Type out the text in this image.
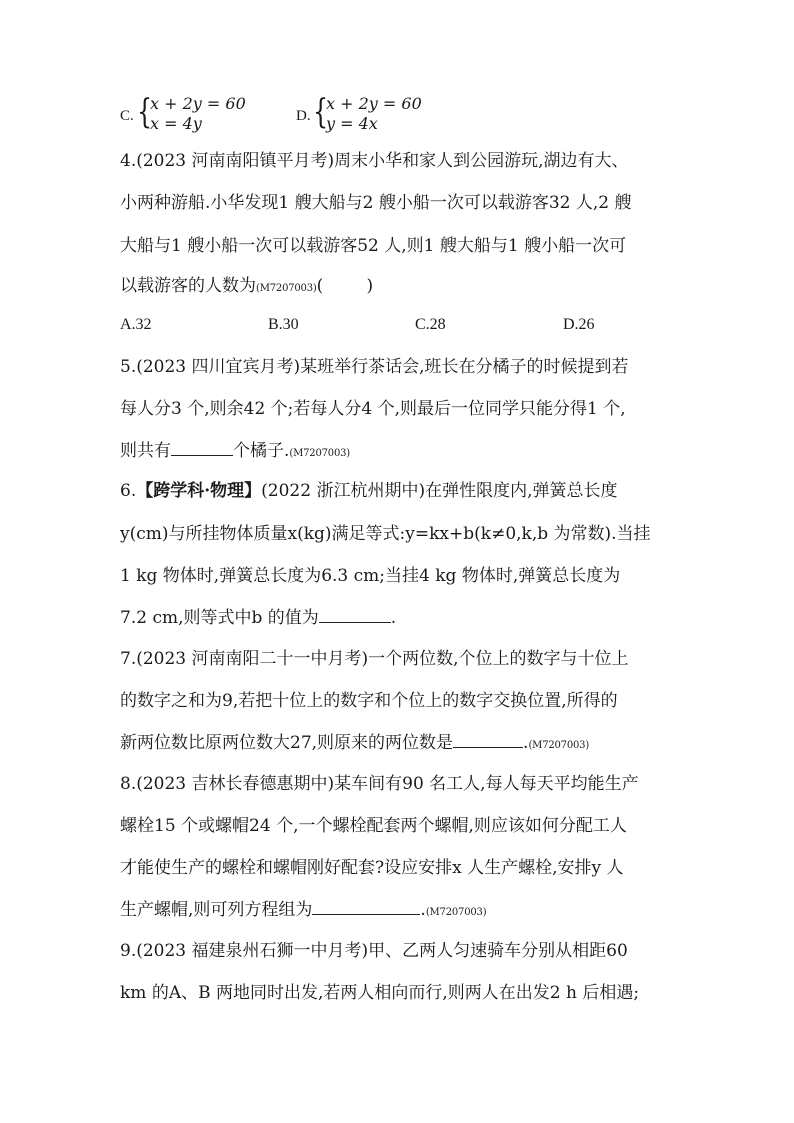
C. {
x + 2y = 60
x = 4y	D. {
x + 2y = 60
y = 4x
4.(2023 河南南阳镇平月考)周末小华和家人到公园游玩,湖边有大、
小两种游船.小华发现1 艘大船与2 艘小船一次可以载游客32 人,2 艘
大船与1 艘小船一次可以载游客52 人,则1 艘大船与1 艘小船一次可
以载游客的人数为(M7207003)(        )
A.32	B.30	C.28	D.26
5.(2023 四川宜宾月考)某班举行茶话会,班长在分橘子的时候提到若
每人分3 个,则余42 个;若每人分4 个,则最后一位同学只能分得1 个,
则共有	个橘子.(M7207003)
6.【跨学科·物理】(2022 浙江杭州期中)在弹性限度内,弹簧总长度
y(cm)与所挂物体质量x(kg)满足等式:y=kx+b(k≠0,k,b 为常数).当挂
1 kg 物体时,弹簧总长度为6.3 cm;当挂4 kg 物体时,弹簧总长度为
7.2 cm,则等式中b 的值为	.
7.(2023 河南南阳二十一中月考)一个两位数,个位上的数字与十位上
的数字之和为9,若把十位上的数字和个位上的数字交换位置,所得的
新两位数比原两位数大27,则原来的两位数是	.(M7207003)
8.(2023 吉林长春德惠期中)某车间有90 名工人,每人每天平均能生产
螺栓15 个或螺帽24 个,一个螺栓配套两个螺帽,则应该如何分配工人
才能使生产的螺栓和螺帽刚好配套?设应安排x 人生产螺栓,安排y 人
生产螺帽,则可列方程组为	.(M7207003)
9.(2023 福建泉州石狮一中月考)甲、乙两人匀速骑车分别从相距60
km 的A、B 两地同时出发,若两人相向而行,则两人在出发2 h 后相遇;
